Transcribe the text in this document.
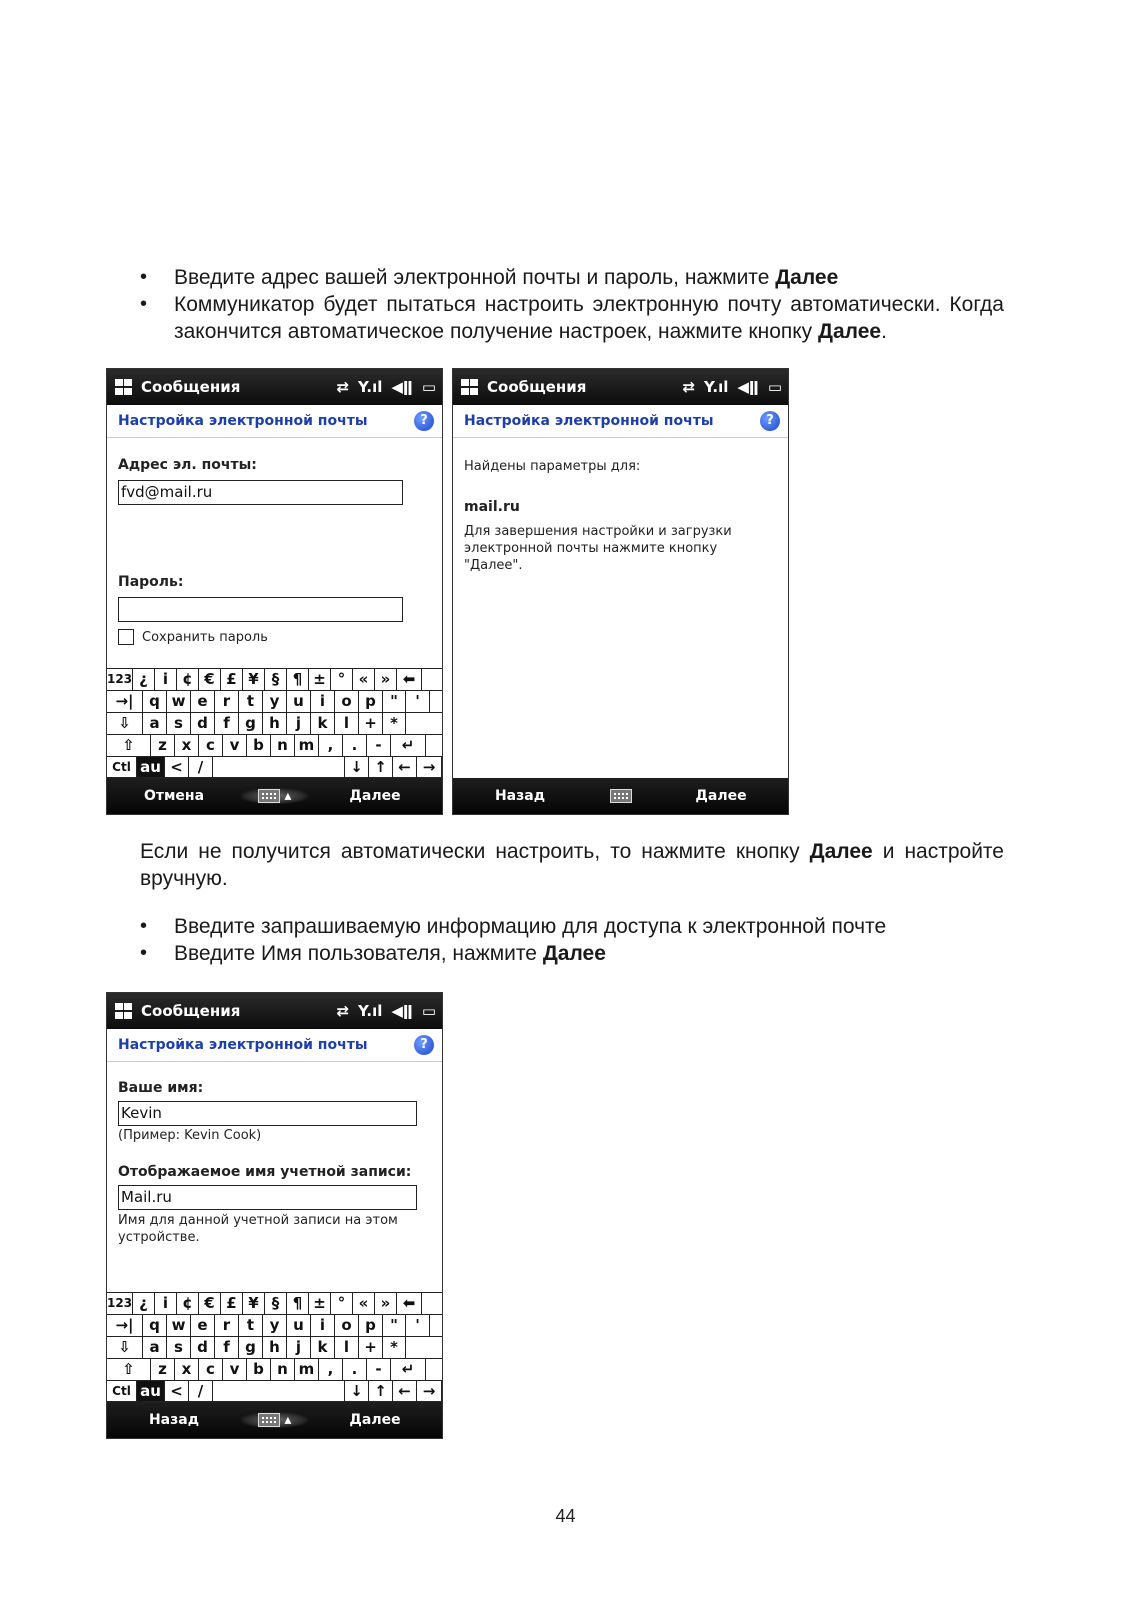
• Введите адрес вашей электронной почты и пароль, нажмите Далее
• Коммуникатор будет пытаться настроить электронную почту автоматически. Когда закончится автоматическое получение настроек, нажмите кнопку Далее.
Сообщения	⇄ Y.ıl ◀ǁ ▭
Настройка электронной почты	?
Адрес эл. почты:
fvd@mail.ru
Пароль:
Сохранить пароль
123 ¿	i ¢ € £ ¥ § ¶ ± ° « » ⬅
→|	q w e	r	t	y u	i	o p "	'
⇩	a s d	f	g h	j	k	l	+ *
⇧	z x c v b n m ,	.	-	↵
Ctl au < /	↓ ↑ ← →
Отмена	▴	Далее
Сообщения	⇄ Y.ıl ◀ǁ ▭
Настройка электронной почты	?
Найдены параметры для:
mail.ru
Для завершения настройки и загрузки электронной почты нажмите кнопку "Далее".
Назад	Далее
Если не получится автоматически настроить, то нажмите кнопку Далее и настройте вручную.
• Введите запрашиваемую информацию для доступа к электронной почте
• Введите Имя пользователя, нажмите Далее
Сообщения	⇄ Y.ıl ◀ǁ ▭
Настройка электронной почты	?
Ваше имя:
Kevin
(Пример: Kevin Cook)
Отображаемое имя учетной записи:
Mail.ru
Имя для данной учетной записи на этом устройстве.
123 ¿	i ¢ € £ ¥ § ¶ ± ° « » ⬅
→|	q w e	r	t	y u	i	o p "	'
⇩	a s d	f	g h	j	k	l	+ *
⇧	z x c v b n m ,	.	-	↵
Ctl au < /	↓ ↑ ← →
Назад	▴	Далее
44
